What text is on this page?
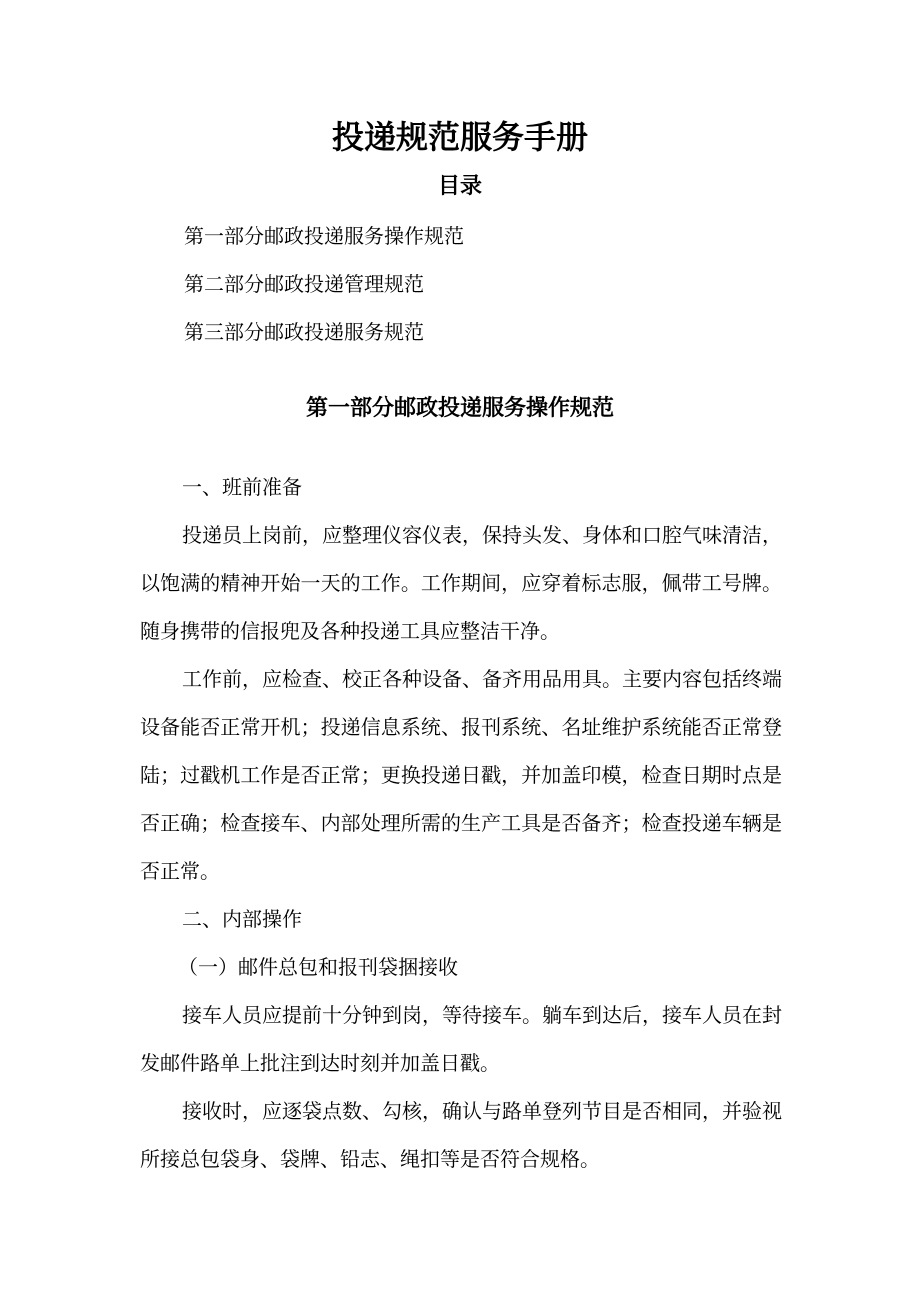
投递规范服务手册
目录
第一部分邮政投递服务操作规范
第二部分邮政投递管理规范
第三部分邮政投递服务规范
第一部分邮政投递服务操作规范

一、班前准备

投递员上岗前，应整理仪容仪表，保持头发、身体和口腔气味清洁，以饱满的精神开始一天的工作。工作期间，应穿着标志服，佩带工号牌。随身携带的信报兜及各种投递工具应整洁干净。

工作前，应检查、校正各种设备、备齐用品用具。主要内容包括终端设备能否正常开机；投递信息系统、报刊系统、名址维护系统能否正常登陆；过戳机工作是否正常；更换投递日戳，并加盖印模，检查日期时点是否正确；检查接车、内部处理所需的生产工具是否备齐；检查投递车辆是否正常。

二、内部操作

（一）邮件总包和报刊袋捆接收

接车人员应提前十分钟到岗，等待接车。躺车到达后，接车人员在封发邮件路单上批注到达时刻并加盖日戳。

接收时，应逐袋点数、勾核，确认与路单登列节目是否相同，并验视所接总包袋身、袋牌、铅志、绳扣等是否符合规格。
